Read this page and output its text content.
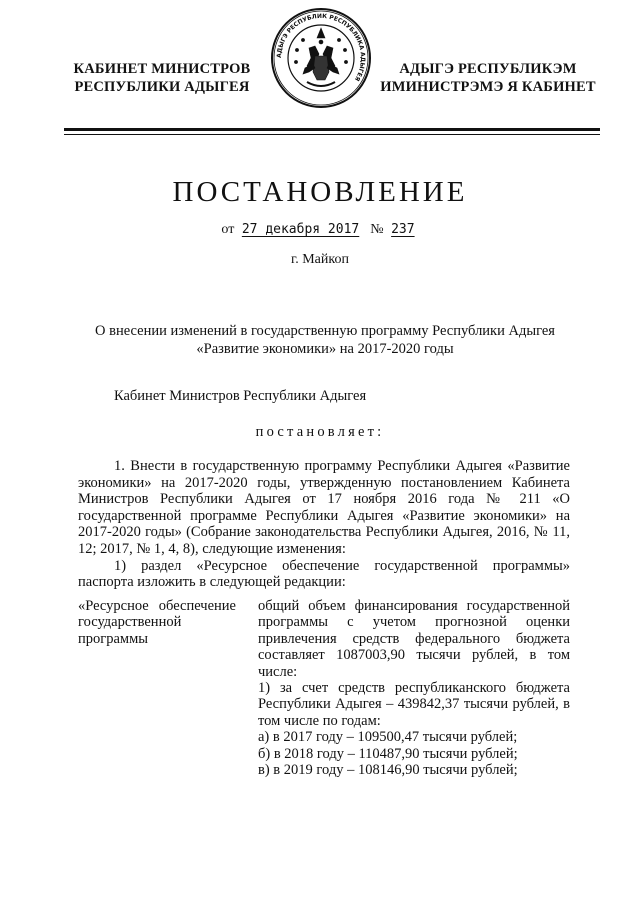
КАБИНЕТ МИНИСТРОВ
РЕСПУБЛИКИ АДЫГЕЯ
АДЫГЭ РЕСПУБЛИК РЕСПУБЛИКА АДЫГЕЯ
АДЫГЭ РЕСПУБЛИКЭМ
ИМИНИСТРЭМЭ Я КАБИНЕТ
ПОСТАНОВЛЕНИЕ
от 27 декабря 2017 № 237
г. Майкоп
О внесении изменений в государственную программу Республики Адыгея
«Развитие экономики» на 2017-2020 годы
Кабинет Министров Республики Адыгея
постановляет:

1. Внести в государственную программу Республики Адыгея «Развитие экономики» на 2017-2020 годы, утвержденную постановлением Кабинета Министров Республики Адыгея от 17 ноября 2016 года № 211 «О государственной программе Республики Адыгея «Развитие экономики» на 2017-2020 годы» (Собрание законодательства Республики Адыгея, 2016, № 11, 12; 2017, № 1, 4, 8), следующие изменения:

1) раздел «Ресурсное обеспечение государственной программы» паспорта изложить в следующей редакции:

«Ресурсное обеспечение государственной программы

общий объем финансирования государственной программы с учетом прогнозной оценки привлечения средств федерального бюджета составляет 1087003,90 тысячи рублей, в том числе:

1) за счет средств республиканского бюджета Республики Адыгея – 439842,37 тысячи рублей, в том числе по годам:

а) в 2017 году – 109500,47 тысячи рублей;

б) в 2018 году – 110487,90 тысячи рублей;

в) в 2019 году – 108146,90 тысячи рублей;
